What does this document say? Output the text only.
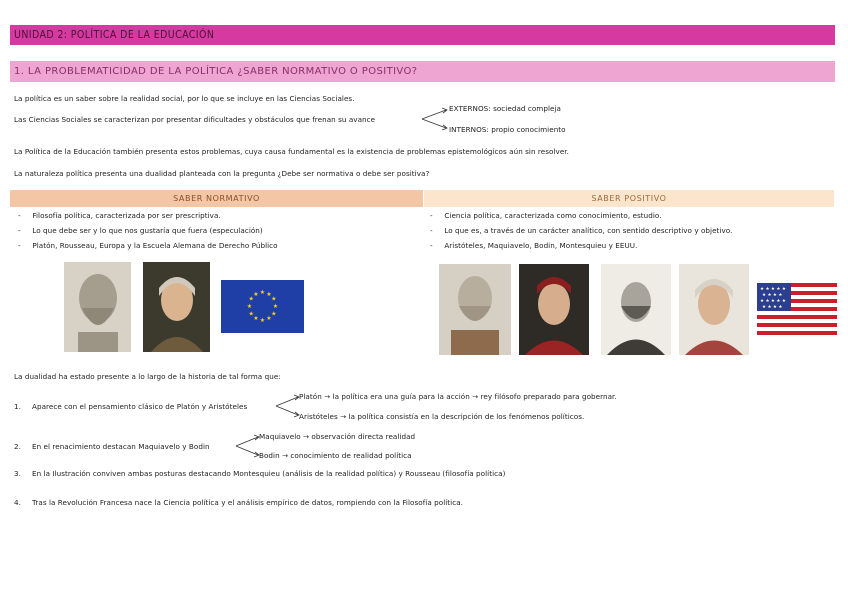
UNIDAD 2: POLÍTICA DE LA EDUCACIÓN
1. LA PROBLEMATICIDAD DE LA POLÍTICA ¿SABER NORMATIVO O POSITIVO?
La política es un saber sobre la realidad social, por lo que se incluye en las Ciencias Sociales.
Las Ciencias Sociales se caracterizan por presentar dificultades y obstáculos que frenan su avance
EXTERNOS: sociedad compleja
INTERNOS: propio conocimiento
La Política de la Educación también presenta estos problemas, cuya causa fundamental es la existencia de problemas epistemológicos aún sin resolver.
La naturaleza política presenta una dualidad planteada con la pregunta ¿Debe ser normativa o debe ser positiva?
SABER NORMATIVO	SABER POSITIVO
-     Filosofía política, caracterizada por ser prescriptiva.
-     Lo que debe ser y lo que nos gustaría que fuera (especulación)
-     Platón, Rousseau, Europa y la Escuela Alemana de Derecho Público
-     Ciencia política, caracterizada como conocimiento, estudio.
-     Lo que es, a través de un carácter analítico, con sentido descriptivo y objetivo.
-     Aristóteles, Maquiavelo, Bodin, Montesquieu y EEUU.
★ ★
★
★
★
★
★
★
★
★
★
★
★ ★ ★ ★ ★
★ ★ ★ ★
★ ★ ★ ★ ★
★ ★ ★ ★
La dualidad ha estado presente a lo largo de la historia de tal forma que:
1. Aparece con el pensamiento clásico de Platón y Aristóteles
Platón → la política era una guía para la acción → rey filósofo preparado para gobernar.
Aristóteles → la política consistía en la descripción de los fenómenos políticos.
2. En el renacimiento destacan Maquiavelo y Bodin
Maquiavelo → observación directa realidad
Bodin → conocimiento de realidad política
3. En la Ilustración conviven ambas posturas destacando Montesquieu (análisis de la realidad política) y Rousseau (filosofía política)
4. Tras la Revolución Francesa nace la Ciencia política y el análisis empírico de datos, rompiendo con la Filosofía política.
